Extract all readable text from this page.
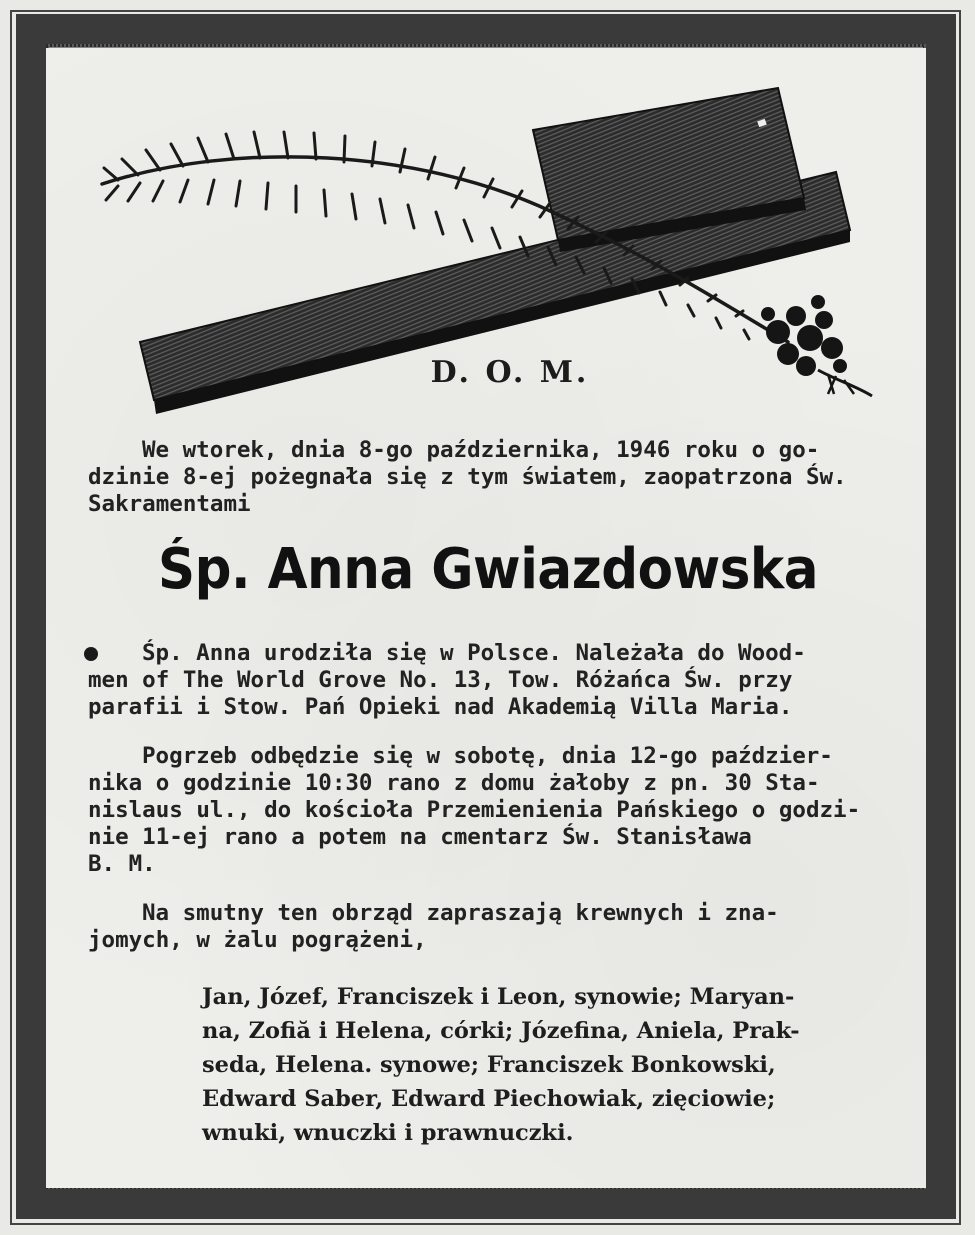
D. O. M.
We wtorek, dnia 8-go października, 1946 roku o go-
dzinie 8-ej pożegnała się z tym światem, zaopatrzona Św.
Sakramentami
Śp. Anna Gwiazdowska
Śp. Anna urodziła się w Polsce. Należała do Wood-
men of The World Grove No. 13, Tow. Różańca Św. przy
parafii i Stow. Pań Opieki nad Akademią Villa Maria.
Pogrzeb odbędzie się w sobotę, dnia 12-go paździer-
nika o godzinie 10:30 rano z domu żałoby z pn. 30 Sta-
nislaus ul., do kościoła Przemienienia Pańskiego o godzi-
nie 11-ej rano a potem na cmentarz Św. Stanisława
B. M.
Na smutny ten obrząd zapraszają krewnych i zna-
jomych, w żalu pogrążeni,
Jan, Józef, Franciszek i Leon, synowie; Maryan-
na, Zofiă i Helena, córki; Józefina, Aniela, Prak-
seda, Helena. synowe; Franciszek Bonkowski,
Edward Saber, Edward Piechowiak, zięciowie;
wnuki, wnuczki i prawnuczki.
